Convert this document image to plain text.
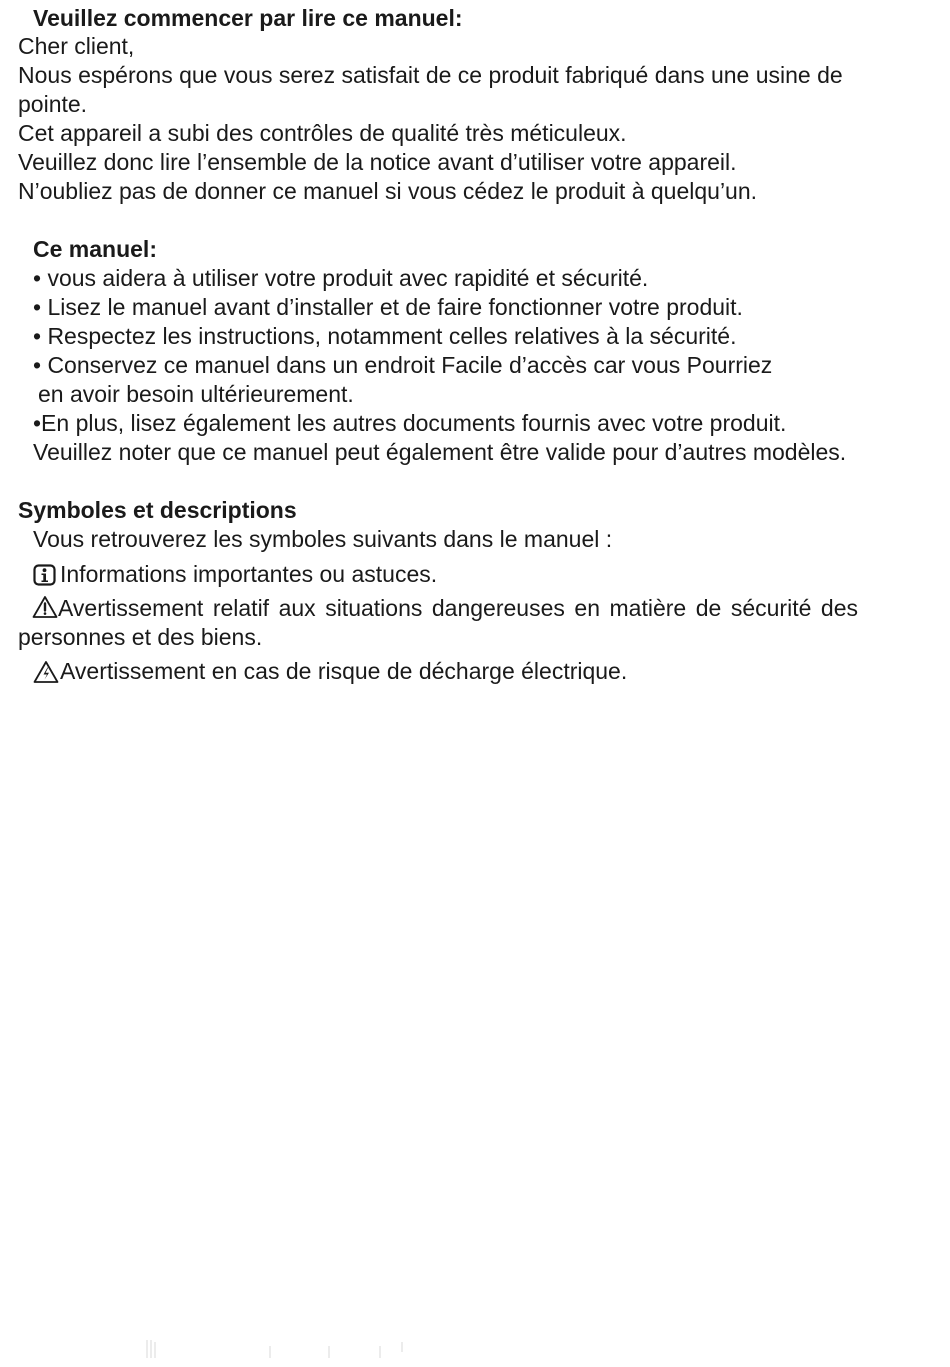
Veuillez commencer par lire ce manuel:

Cher client,

Nous espérons que vous serez satisfait de ce produit fabriqué dans une usine de

pointe.

Cet appareil a subi des contrôles de qualité très méticuleux.

Veuillez donc lire l’ensemble de la notice avant d’utiliser votre appareil.

N’oubliez pas de donner ce manuel si vous cédez le produit à quelqu’un.

Ce manuel:

• vous aidera à utiliser votre produit avec rapidité et sécurité.

• Lisez le manuel avant d’installer et de faire fonctionner votre produit.

• Respectez les instructions, notamment celles relatives à la sécurité.

• Conservez ce manuel dans un endroit Facile d’accès car vous Pourriez

en avoir besoin ultérieurement.

•En plus, lisez également les autres documents fournis avec votre produit.

Veuillez noter que ce manuel peut également être valide pour d’autres modèles.

Symboles et descriptions

Vous retrouverez les symboles suivants dans le manuel :

Informations importantes ou astuces.
Avertissement relatif aux situations dangereuses en matière de sécurité des

personnes et des biens.

Avertissement en cas de risque de décharge électrique.
